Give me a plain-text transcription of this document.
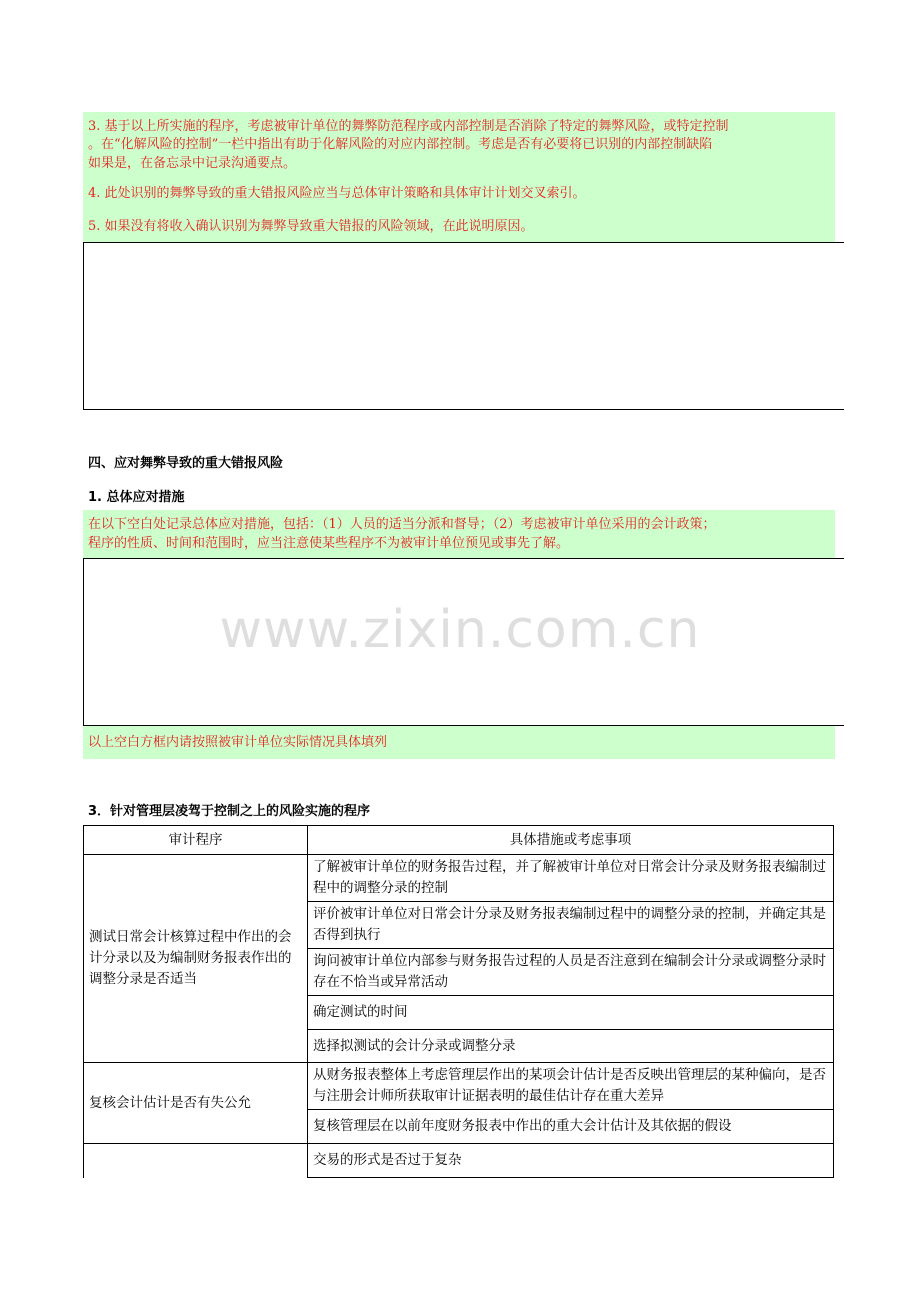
3. 基于以上所实施的程序，考虑被审计单位的舞弊防范程序或内部控制是否消除了特定的舞弊风险，或特定控制
。在“化解风险的控制”一栏中指出有助于化解风险的对应内部控制。考虑是否有必要将已识别的内部控制缺陷
如果是，在备忘录中记录沟通要点。
4. 此处识别的舞弊导致的重大错报风险应当与总体审计策略和具体审计计划交叉索引。
5. 如果没有将收入确认识别为舞弊导致重大错报的风险领域，在此说明原因。
四、应对舞弊导致的重大错报风险
1. 总体应对措施
在以下空白处记录总体应对措施，包括：（1）人员的适当分派和督导；（2）考虑被审计单位采用的会计政策；
程序的性质、时间和范围时，应当注意使某些程序不为被审计单位预见或事先了解。
www.zixin.com.cn
以上空白方框内请按照被审计单位实际情况具体填列
3．针对管理层凌驾于控制之上的风险实施的程序
审计程序	具体措施或考虑事项
测试日常会计核算过程中作出的会计分录以及为编制财务报表作出的调整分录是否适当	了解被审计单位的财务报告过程，并了解被审计单位对日常会计分录及财务报表编制过程中的调整分录的控制
	评价被审计单位对日常会计分录及财务报表编制过程中的调整分录的控制，并确定其是否得到执行
	询问被审计单位内部参与财务报告过程的人员是否注意到在编制会计分录或调整分录时存在不恰当或异常活动
	确定测试的时间
	选择拟测试的会计分录或调整分录
复核会计估计是否有失公允	从财务报表整体上考虑管理层作出的某项会计估计是否反映出管理层的某种偏向，是否与注册会计师所获取审计证据表明的最佳估计存在重大差异
	复核管理层在以前年度财务报表中作出的重大会计估计及其依据的假设
	交易的形式是否过于复杂
